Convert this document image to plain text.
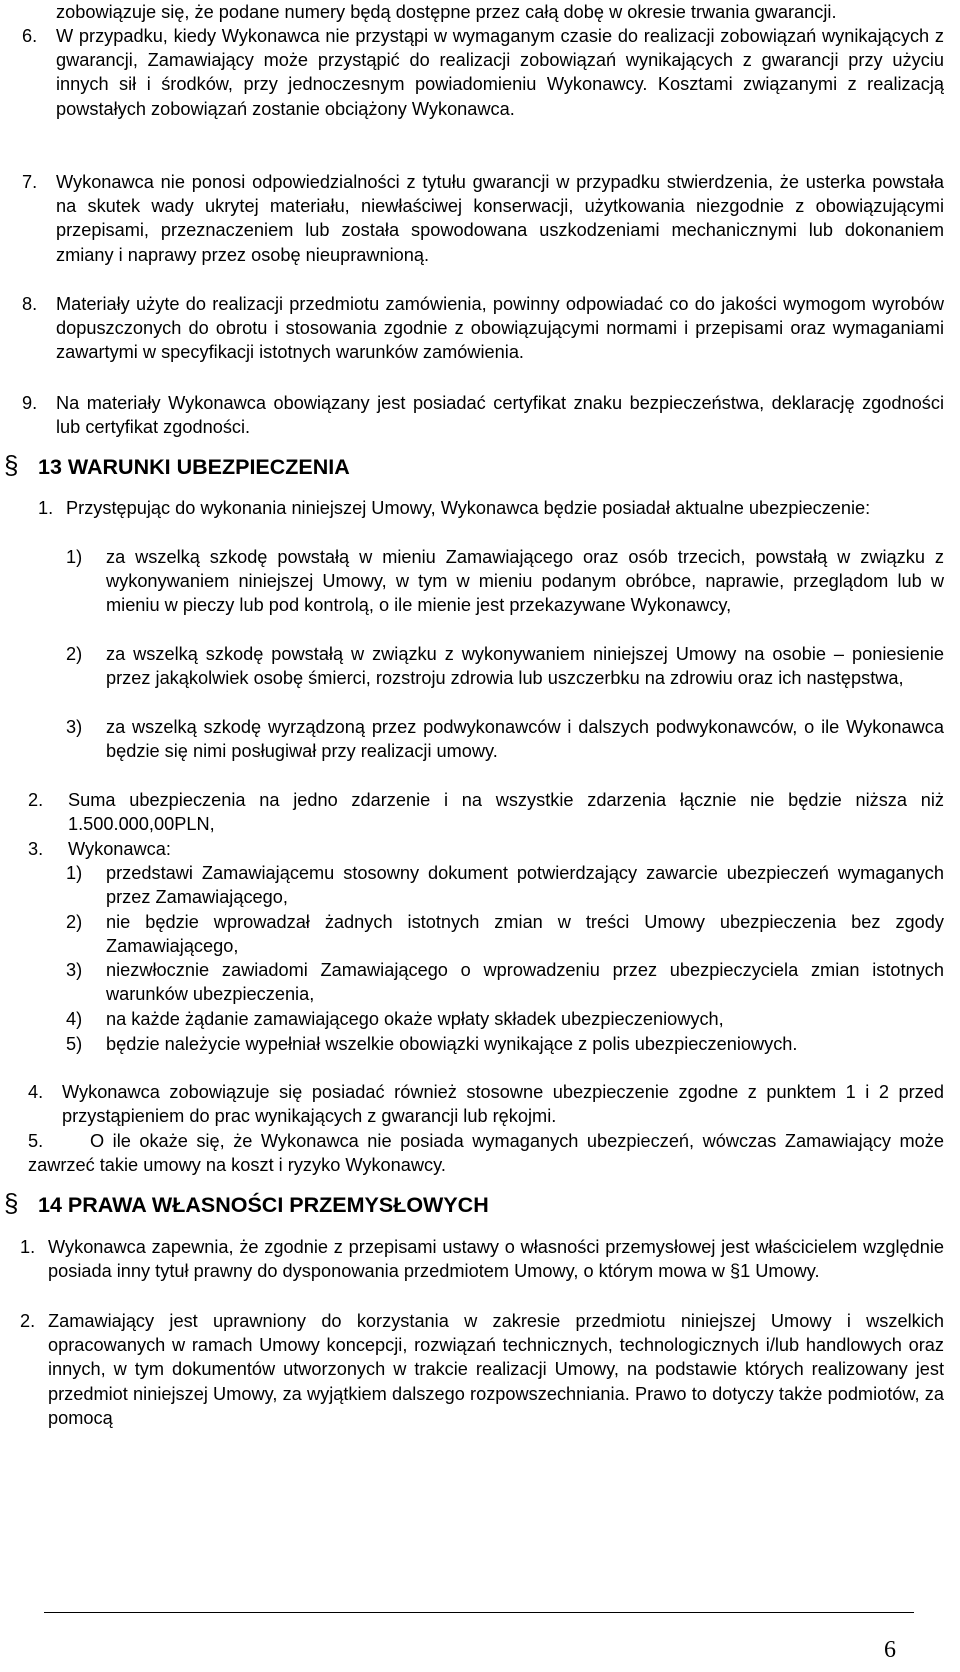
zobowiązuje się, że podane numery będą dostępne przez całą dobę w okresie trwania gwarancji.

6.	W przypadku, kiedy Wykonawca nie przystąpi w wymaganym czasie do realizacji zobowiązań wynikających z gwarancji, Zamawiający może przystąpić do realizacji zobowiązań wynikających z gwarancji przy użyciu innych sił i środków, przy jednoczesnym powiadomieniu Wykonawcy. Kosztami związanymi z realizacją powstałych zobowiązań zostanie obciążony Wykonawca.

7.	Wykonawca nie ponosi odpowiedzialności z tytułu gwarancji w przypadku stwierdzenia, że usterka powstała na skutek wady ukrytej materiału, niewłaściwej konserwacji, użytkowania niezgodnie z obowiązującymi przepisami, przeznaczeniem lub została spowodowana uszkodzeniami mechanicznymi lub dokonaniem zmiany i naprawy przez osobę nieuprawnioną.

8.	Materiały użyte do realizacji przedmiotu zamówienia, powinny odpowiadać co do jakości wymogom wyrobów dopuszczonych do obrotu i stosowania zgodnie z obowiązującymi normami i przepisami oraz wymaganiami zawartymi w specyfikacji istotnych warunków zamówienia.

9.	Na materiały Wykonawca obowiązany jest posiadać certyfikat znaku bezpieczeństwa, deklarację zgodności lub certyfikat zgodności.

§ 13 WARUNKI UBEZPIECZENIA
1. Przystępując do wykonania niniejszej Umowy, Wykonawca będzie posiadał aktualne ubezpieczenie:

1)	za wszelką szkodę powstałą w mieniu Zamawiającego oraz osób trzecich, powstałą w związku z wykonywaniem niniejszej Umowy, w tym w mieniu podanym obróbce, naprawie, przeglądom lub w mieniu w pieczy lub pod kontrolą, o ile mienie jest przekazywane Wykonawcy,

2)	za wszelką szkodę powstałą w związku z wykonywaniem niniejszej Umowy na osobie – poniesienie przez jakąkolwiek osobę śmierci, rozstroju zdrowia lub uszczerbku na zdrowiu oraz ich następstwa,

3)	za wszelką szkodę wyrządzoną przez podwykonawców i dalszych podwykonawców, o ile Wykonawca będzie się nimi posługiwał przy realizacji umowy.

2.	Suma ubezpieczenia na jedno zdarzenie i na wszystkie zdarzenia łącznie nie będzie niższa niż 1.500.000,00PLN,

3.	Wykonawca:

1)	przedstawi Zamawiającemu stosowny dokument potwierdzający zawarcie ubezpieczeń wymaganych przez Zamawiającego,

2)	nie będzie wprowadzał żadnych istotnych zmian w treści Umowy ubezpieczenia bez zgody Zamawiającego,

3)	niezwłocznie zawiadomi Zamawiającego o wprowadzeniu przez ubezpieczyciela zmian istotnych warunków ubezpieczenia,

4)	na każde żądanie zamawiającego okaże wpłaty składek ubezpieczeniowych,

5)	będzie należycie wypełniał wszelkie obowiązki wynikające z polis ubezpieczeniowych.

4.	Wykonawca zobowiązuje się posiadać również stosowne ubezpieczenie zgodne z punktem 1 i 2 przed przystąpieniem do prac wynikających z gwarancji lub rękojmi.

5.	O ile okaże się, że Wykonawca nie posiada wymaganych ubezpieczeń, wówczas Zamawiający może zawrzeć takie umowy na koszt i ryzyko Wykonawcy.

§ 14 PRAWA WŁASNOŚCI PRZEMYSŁOWYCH
1. Wykonawca zapewnia, że zgodnie z przepisami ustawy o własności przemysłowej jest właścicielem względnie posiada inny tytuł prawny do dysponowania przedmiotem Umowy, o którym mowa w §1 Umowy.

2. Zamawiający jest uprawniony do korzystania w zakresie przedmiotu niniejszej Umowy i wszelkich opracowanych w ramach Umowy koncepcji, rozwiązań technicznych, technologicznych i/lub handlowych oraz innych, w tym dokumentów utworzonych w trakcie realizacji Umowy, na podstawie których realizowany jest przedmiot niniejszej Umowy, za wyjątkiem dalszego rozpowszechniania. Prawo to dotyczy także podmiotów, za pomocą

6
